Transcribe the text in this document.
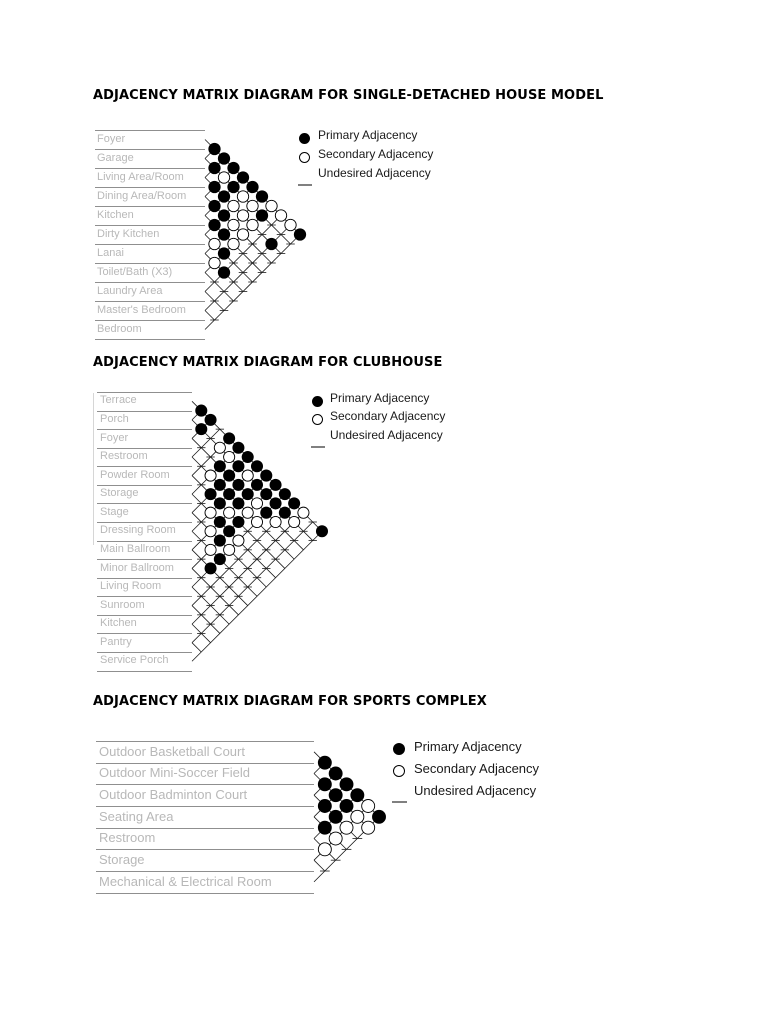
ADJACENCY MATRIX DIAGRAM FOR SINGLE-DETACHED HOUSE MODEL
Primary Adjacency
Secondary Adjacency
Undesired Adjacency
ADJACENCY MATRIX DIAGRAM FOR CLUBHOUSE
Primary Adjacency
Secondary Adjacency
Undesired Adjacency
ADJACENCY MATRIX DIAGRAM FOR SPORTS COMPLEX
Primary Adjacency
Secondary Adjacency
Undesired Adjacency
Foyer
Garage
Living Area/Room
Dining Area/Room
Kitchen
Dirty Kitchen
Lanai
Toilet/Bath (X3)
Laundry Area
Master's Bedroom
Bedroom
Terrace
Porch
Foyer
Restroom
Powder Room
Storage
Stage
Dressing Room
Main Ballroom
Minor Ballroom
Living Room
Sunroom
Kitchen
Pantry
Service Porch
Outdoor Basketball Court
Outdoor Mini-Soccer Field
Outdoor Badminton Court
Seating Area
Restroom
Storage
Mechanical & Electrical Room
